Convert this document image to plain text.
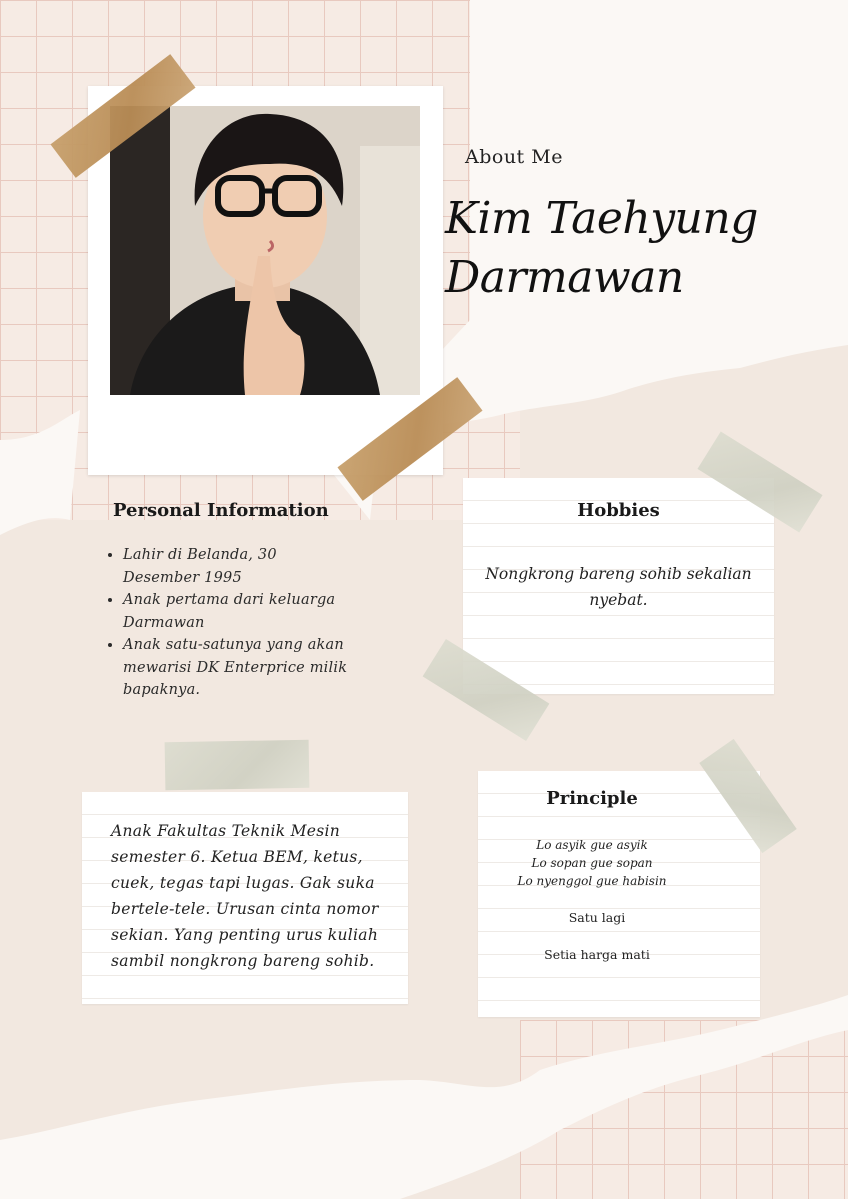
About Me
Kim Taehyung
Darmawan
Personal Information
• Lahir di Belanda, 30 Desember 1995
• Anak pertama dari keluarga Darmawan
• Anak satu-satunya yang akan mewarisi DK Enterprice milik bapaknya.
Hobbies
Nongkrong bareng sohib sekalian nyebat.
Anak Fakultas Teknik Mesin semester 6. Ketua BEM, ketus, cuek, tegas tapi lugas. Gak suka bertele-tele. Urusan cinta nomor sekian. Yang penting urus kuliah sambil nongkrong bareng sohib.
Principle
Lo asyik gue asyik
Lo sopan gue sopan
Lo nyenggol gue habisin
Satu lagi
Setia harga mati
